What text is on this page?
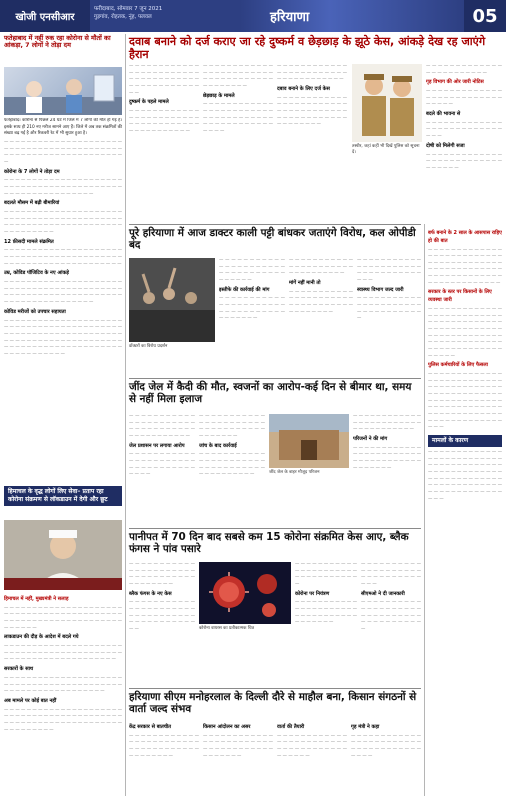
खोजी एनसीआर
फरीदाबाद, सोमवार 7 जून 2021
गुड़गांव, रोहतक, नूंह, पलवल	हरियाणा	05
फतेहाबाद में नहीं रुक रहा कोरोना से मौतों का आंकड़ा, 7 लोगों ने तोड़ा दम

फतेहाबाद। कोरोना से पिछले 24 घंटे में जिले में 7 लोगों की मौत हो गई है। इसके साथ ही 210 नए मरीज सामने आए हैं। जिले में अब तक संक्रमितों की संख्या बढ़ गई है और रिकवरी रेट में भी सुधार हुआ है।

— — — — — — — — — — — — — — — — — — — — — — — — — — — — — — — — — — — — — — — — — — — — — — — — — — — — — — — — — — — — — — — —

कोरोना के 7 लोगों ने तोड़ा दम

— — — — — — — — — — — — — — — — — — — — — — — — — — — — — — — — — — — — — — — — — — — — — — — — — — — — — — — — — —

बदलते मौसम में बढ़ी बीमारियां

— — — — — — — — — — — — — — — — — — — — — — — — — — — — — — — — — — — — — — — — — — — — — — — — — — — — — — — — — — — — — — — — — — — — — — — —

12 फ़ीसदी मामले संक्रमित

— — — — — — — — — — — — — — — — — — — — — — — — — — — — — — — — — — — — — — — — — — — — — — — — — — — — — — — — — — — — — — —

उम्र, कोविड पॉजिटिव के नए आंकड़े

— — — — — — — — — — — — — — — — — — — — — — — — — — — — — — — — — — — — — — — — — — — — — — — — — — — — — — — — — — — — — — — — — — — — — — — — — — — — — — —

कोविड मरीजों को उपचार सहायता

— — — — — — — — — — — — — — — — — — — — — — — — — — — — — — — — — — — — — — — — — — — — — — — — — — — — — — — — — — — — — — — — — — — — — — — — — — — — — — — — — — — — — — — — — — — — — — — — — — — — — — — — — — — — — — — — — — — —

हिमाचल के वृद्ध लोगों लिए सेवा– प्रताप रहा कोरोना संक्रमण से लॉकडाउन में देगी और छूट
हिमाचल में नहीं, मुख्यमंत्री ने सलाह

— — — — — — — — — — — — — — — — — — — — — — — — — — — — — — — — — — — — — — — — — — — — — — — — — — — — — — — — — — — — — — — — — — — — —

लाकडाउन की दौड़ के आदेश में बदले गये

— — — — — — — — — — — — — — — — — — — — — — — — — — — — — — — — — — — — — — — — — — — — — — — — — — — — — — — — — — — — — —

सरकारों के साथ

— — — — — — — — — — — — — — — — — — — — — — — — — — — — — — — — — — — — — — — — — — — — — — — — — — — — — — — — — — — —

अब मामले पर कोई बात नहीं

— — — — — — — — — — — — — — — — — — — — — — — — — — — — — — — — — — — — — — — — — — — — — — — — — — — — — — — — — — — — — — — — — — — — — — — —

दवाब बनाने को दर्ज कराए जा रहे दुष्कर्म व छेड़छाड़ के झूठे केस, आंकड़े देख रह जाएंगे हैरान

— — — — — — — — — — — — — — — — — — — — — — — — — — — — — — — — — — — — — — — — — — — — — — — — — —

दुष्कर्म के पहले मामले

— — — — — — — — — — — — — — — — — — — — — — — — — — — — — — — — — — — — — — — — — — — — — — —

— — — — — — — — — — — — — — — — — — — — — — — — — — — — — — — — — — — — — — — — — — — —

छेड़छाड़ के मामले

— — — — — — — — — — — — — — — — — — — — — — — — — — — — — — — — — — — — — — — — — — — — — — — — — — — —

— — — — — — — — — — — — — — — — — — — — — — — — — — — — — — — — — — — —

दबाव बनाने के लिए दर्ज केस

— — — — — — — — — — — — — — — — — — — — — — — — — — — — — — — — — — — — — — — — — — — — — — — — — — — — — — — —

तस्वीर, जहां कहीं भी दिखें पुलिस को सूचना दें।

— — — — — — — — — — — — — — — — — — — — — — — —

गृह विभाग की ओर जारी नोटिस

— — — — — — — — — — — — — — — — — — — — — — — — — — — — — — —

बदले की भावना से

— — — — — — — — — — — — — — — — — — — — — — — — — — — — —

दोषी को मिलेगी सजा

— — — — — — — — — — — — — — — — — — — — — — — — — — — — — — — —

पूरे हरियाणा में आज डाक्टर काली पट्टी बांधकर जताएंगे विरोध, कल ओपीडी बंद
डॉक्टरों का विरोध प्रदर्शन

— — — — — — — — — — — — — — — — — — — — — — — — — — — — — — — — — — — — — — —

इस्तीफे की कार्रवाई की मांग

— — — — — — — — — — — — — — — — — — — — — — — — — — — — — — — — — — — — — — — —

— — — — — — — — — — — — — — — — — — — — — — — — — — — — — — — —

मांगें नहीं मानी तो

— — — — — — — — — — — — — — — — — — — — — — — — — — — — — — — — — — — — — — — — —

— — — — — — — — — — — — — — — — — — — — — — — — — — — — — — — — — — — —

स्वास्थ्य विभाग जल्द जारी

— — — — — — — — — — — — — — — — — — — — — — — — — — — — — — — — — —

बर्फ बनाने के 2 साल के आसपास राहिए हो की बात

— — — — — — — — — — — — — — — — — — — — — — — — — — — — — — — — — — — — — — — — — — — — — — — — — — — — — — — — — — — — — — — — — — — — — — — — — — — — — —

सरकार के स्तर पर किसानों के लिए व्यवस्था जारी

— — — — — — — — — — — — — — — — — — — — — — — — — — — — — — — — — — — — — — — — — — — — — — — — — — — — — — — — — — — — — — — — — — — — — — — — — — — — — — — — — — — — — — — — — — — — — — — —

पुलिस कर्मचारियों के लिए फैसला

— — — — — — — — — — — — — — — — — — — — — — — — — — — — — — — — — — — — — — — — — — — — — — — — — — — — — — — — — — — — — — — — — — — — — — — — — — — — — — — — — — — — — — — — — — — — — — — — — — — — — — — — — — —

मामलों के कारण

— — — — — — — — — — — — — — — — — — — — — — — — — — — — — — — — — — — — — — — — — — — — — — — — — — — — — — — — — — — — — — — — — — — — — — — — — — — — — — — — — — — — — — — — — — — — — —

जींद जेल में कैदी की मौत, स्वजनों का आरोप-कई दिन से बीमार था, समय से नहीं मिला इलाज

— — — — — — — — — — — — — — — — — — — — — — — — — — — — — — — — — — — — — — — — — — — —

जेल प्रशासन पर लगाया आरोप

— — — — — — — — — — — — — — — — — — — — — — — — — — — — — — — — — — — — —

— — — — — — — — — — — — — — — — — — — — — — — — — — — — — — — — — — — — — — — —

जांच के बाद कार्रवाई

— — — — — — — — — — — — — — — — — — — — — — — — — — — — — — — — — — — — — — — — — — —	जींद जेल के बाहर मौजूद परिजन

— — — — — — — — — — — — — — — — — — — — — — — — — — — — — — — — — — —

परिजनों ने की मांग

— — — — — — — — — — — — — — — — — — — — — — — — — — — — — — — — — — — — — — — — — — —

पानीपत में 70 दिन बाद सबसे कम 15 कोरोना संक्रमित केस आए, ब्लैक फंगस ने पांव पसारे

— — — — — — — — — — — — — — — — — — — — — — — — — — — — — — — — — — — — — — — — —

ब्लैक फंगस के नए केस

— — — — — — — — — — — — — — — — — — — — — — — — — — — — — — — — — — — — — — — — — — — — — —	कोरोना वायरस का प्रतीकात्मक चित्र

— — — — — — — — — — — — — — — — — — — — — — — — — — — — — — — — — —

कोरोना पर नियंत्रण

— — — — — — — — — — — — — — — — — — — — — — — — — — — — — — — — — — — — — — — —

— — — — — — — — — — — — — — — — — — — — — — — — — — — — — — — — —

सीएमओ ने दी जानकारी

— — — — — — — — — — — — — — — — — — — — — — — — — — — — — — — — — — — — — — — — —

हरियाणा सीएम मनोहरलाल के दिल्ली दौरे से माहौल बना, किसान संगठनों से वार्ता जल्द संभव
केंद्र सरकार से बातचीत

— — — — — — — — — — — — — — — — — — — — — — — — — — — — — — — — — — — — — — — — — — — —

किसान आंदोलन का असर

— — — — — — — — — — — — — — — — — — — — — — — — — — — — — — — — — — — — — — — — — — —

वार्ता की तैयारी

— — — — — — — — — — — — — — — — — — — — — — — — — — — — — — — — — — — — — — — — — —

गृह मंत्री ने कहा

— — — — — — — — — — — — — — — — — — — — — — — — — — — — — — — — — — — — — — — —
